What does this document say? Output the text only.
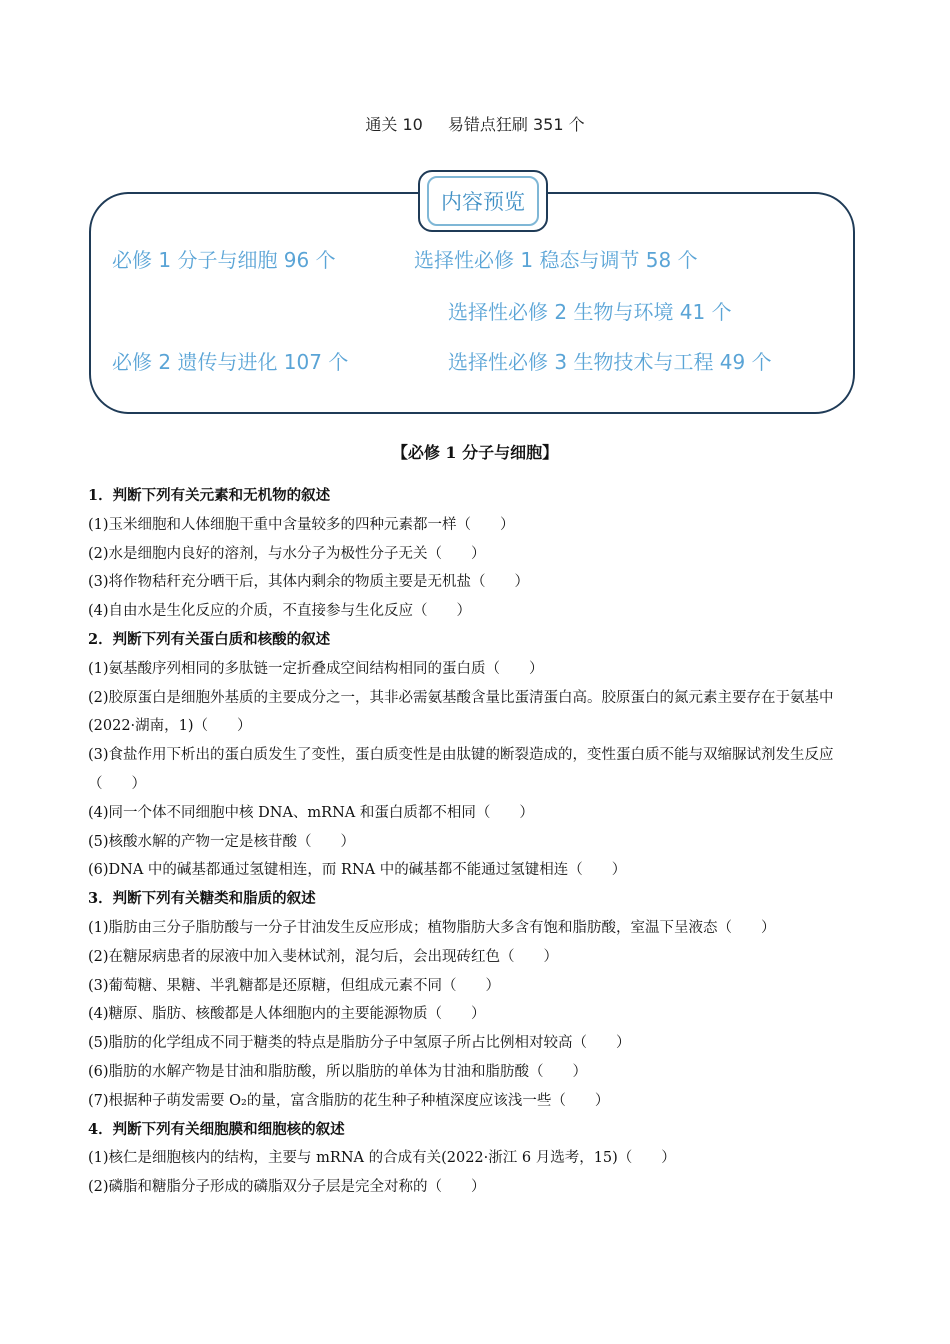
通关 10 易错点狂刷 351 个
内容预览
必修 1 分子与细胞 96 个	选择性必修 1 稳态与调节 58 个
选择性必修 2 生物与环境 41 个
必修 2 遗传与进化 107 个	选择性必修 3 生物技术与工程 49 个
【必修 1 分子与细胞】
1．判断下列有关元素和无机物的叙述
(1)玉米细胞和人体细胞干重中含量较多的四种元素都一样（　　）
(2)水是细胞内良好的溶剂，与水分子为极性分子无关（　　）
(3)将作物秸秆充分晒干后，其体内剩余的物质主要是无机盐（　　）
(4)自由水是生化反应的介质，不直接参与生化反应（　　）
2．判断下列有关蛋白质和核酸的叙述
(1)氨基酸序列相同的多肽链一定折叠成空间结构相同的蛋白质（　　）
(2)胶原蛋白是细胞外基质的主要成分之一，其非必需氨基酸含量比蛋清蛋白高。胶原蛋白的氮元素主要存在于氨基中(2022·湖南，1)（　　）
(3)食盐作用下析出的蛋白质发生了变性，蛋白质变性是由肽键的断裂造成的，变性蛋白质不能与双缩脲试剂发生反应（　　）
(4)同一个体不同细胞中核 DNA、mRNA 和蛋白质都不相同（　　）
(5)核酸水解的产物一定是核苷酸（　　）
(6)DNA 中的碱基都通过氢键相连，而 RNA 中的碱基都不能通过氢键相连（　　）
3．判断下列有关糖类和脂质的叙述
(1)脂肪由三分子脂肪酸与一分子甘油发生反应形成；植物脂肪大多含有饱和脂肪酸，室温下呈液态（　　）
(2)在糖尿病患者的尿液中加入斐林试剂，混匀后，会出现砖红色（　　）
(3)葡萄糖、果糖、半乳糖都是还原糖，但组成元素不同（　　）
(4)糖原、脂肪、核酸都是人体细胞内的主要能源物质（　　）
(5)脂肪的化学组成不同于糖类的特点是脂肪分子中氢原子所占比例相对较高（　　）
(6)脂肪的水解产物是甘油和脂肪酸，所以脂肪的单体为甘油和脂肪酸（　　）
(7)根据种子萌发需要 O₂的量，富含脂肪的花生种子种植深度应该浅一些（　　）
4．判断下列有关细胞膜和细胞核的叙述
(1)核仁是细胞核内的结构，主要与 mRNA 的合成有关(2022·浙江 6 月选考，15)（　　）
(2)磷脂和糖脂分子形成的磷脂双分子层是完全对称的（　　）
